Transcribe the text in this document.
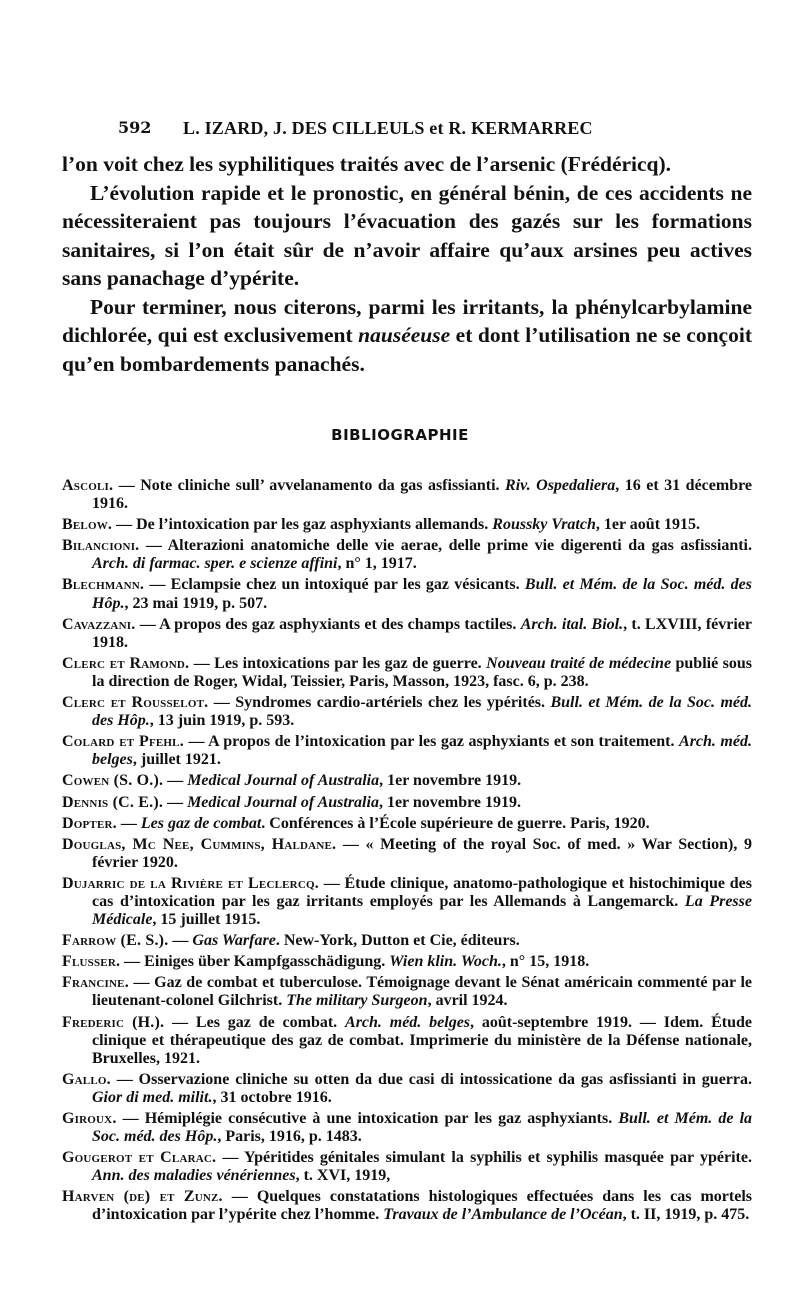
592 L. IZARD, J. DES CILLEULS et R. KERMARREC

l’on voit chez les syphilitiques traités avec de l’arsenic (Frédéricq).

L’évolution rapide et le pronostic, en général bénin, de ces accidents ne nécessiteraient pas toujours l’évacuation des gazés sur les formations sanitaires, si l’on était sûr de n’avoir affaire qu’aux arsines peu actives sans panachage d’ypérite.

Pour terminer, nous citerons, parmi les irritants, la phénylcarbylamine dichlorée, qui est exclusivement nauséeuse et dont l’utilisation ne se conçoit qu’en bombardements panachés.

BIBLIOGRAPHIE

Ascoli. — Note cliniche sull’ avvelanamento da gas asfissianti. Riv. Ospedaliera, 16 et 31 décembre 1916.

Below. — De l’intoxication par les gaz asphyxiants allemands. Roussky Vratch, 1er août 1915.

Bilancioni. — Alterazioni anatomiche delle vie aerae, delle prime vie digerenti da gas asfissianti. Arch. di farmac. sper. e scienze affini, n° 1, 1917.

Blechmann. — Eclampsie chez un intoxiqué par les gaz vésicants. Bull. et Mém. de la Soc. méd. des Hôp., 23 mai 1919, p. 507.

Cavazzani. — A propos des gaz asphyxiants et des champs tactiles. Arch. ital. Biol., t. LXVIII, février 1918.

Clerc et Ramond. — Les intoxications par les gaz de guerre. Nouveau traité de médecine publié sous la direction de Roger, Widal, Teissier, Paris, Masson, 1923, fasc. 6, p. 238.

Clerc et Rousselot. — Syndromes cardio-artériels chez les ypérités. Bull. et Mém. de la Soc. méd. des Hôp., 13 juin 1919, p. 593.

Colard et Pfehl. — A propos de l’intoxication par les gaz asphyxiants et son traitement. Arch. méd. belges, juillet 1921.

Cowen (S. O.). — Medical Journal of Australia, 1er novembre 1919.

Dennis (C. E.). — Medical Journal of Australia, 1er novembre 1919.

Dopter. — Les gaz de combat. Conférences à l’École supérieure de guerre. Paris, 1920.

Douglas, Mc Nee, Cummins, Haldane. — « Meeting of the royal Soc. of med. » War Section), 9 février 1920.

Dujarric de la Rivière et Leclercq. — Étude clinique, anatomo-pathologique et histochimique des cas d’intoxication par les gaz irritants employés par les Allemands à Langemarck. La Presse Médicale, 15 juillet 1915.

Farrow (E. S.). — Gas Warfare. New-York, Dutton et Cie, éditeurs.

Flusser. — Einiges über Kampfgasschädigung. Wien klin. Woch., n° 15, 1918.

Francine. — Gaz de combat et tuberculose. Témoignage devant le Sénat américain commenté par le lieutenant-colonel Gilchrist. The military Surgeon, avril 1924.

Frederic (H.). — Les gaz de combat. Arch. méd. belges, août-septembre 1919. — Idem. Étude clinique et thérapeutique des gaz de combat. Imprimerie du ministère de la Défense nationale, Bruxelles, 1921.

Gallo. — Osservazione cliniche su otten da due casi di intossicatione da gas asfissianti in guerra. Gior di med. milit., 31 octobre 1916.

Giroux. — Hémiplégie consécutive à une intoxication par les gaz asphyxiants. Bull. et Mém. de la Soc. méd. des Hôp., Paris, 1916, p. 1483.

Gougerot et Clarac. — Ypéritides génitales simulant la syphilis et syphilis masquée par ypérite. Ann. des maladies vénériennes, t. XVI, 1919,

Harven (de) et Zunz. — Quelques constatations histologiques effectuées dans les cas mortels d’intoxication par l’ypérite chez l’homme. Travaux de l’Ambulance de l’Océan, t. II, 1919, p. 475.
